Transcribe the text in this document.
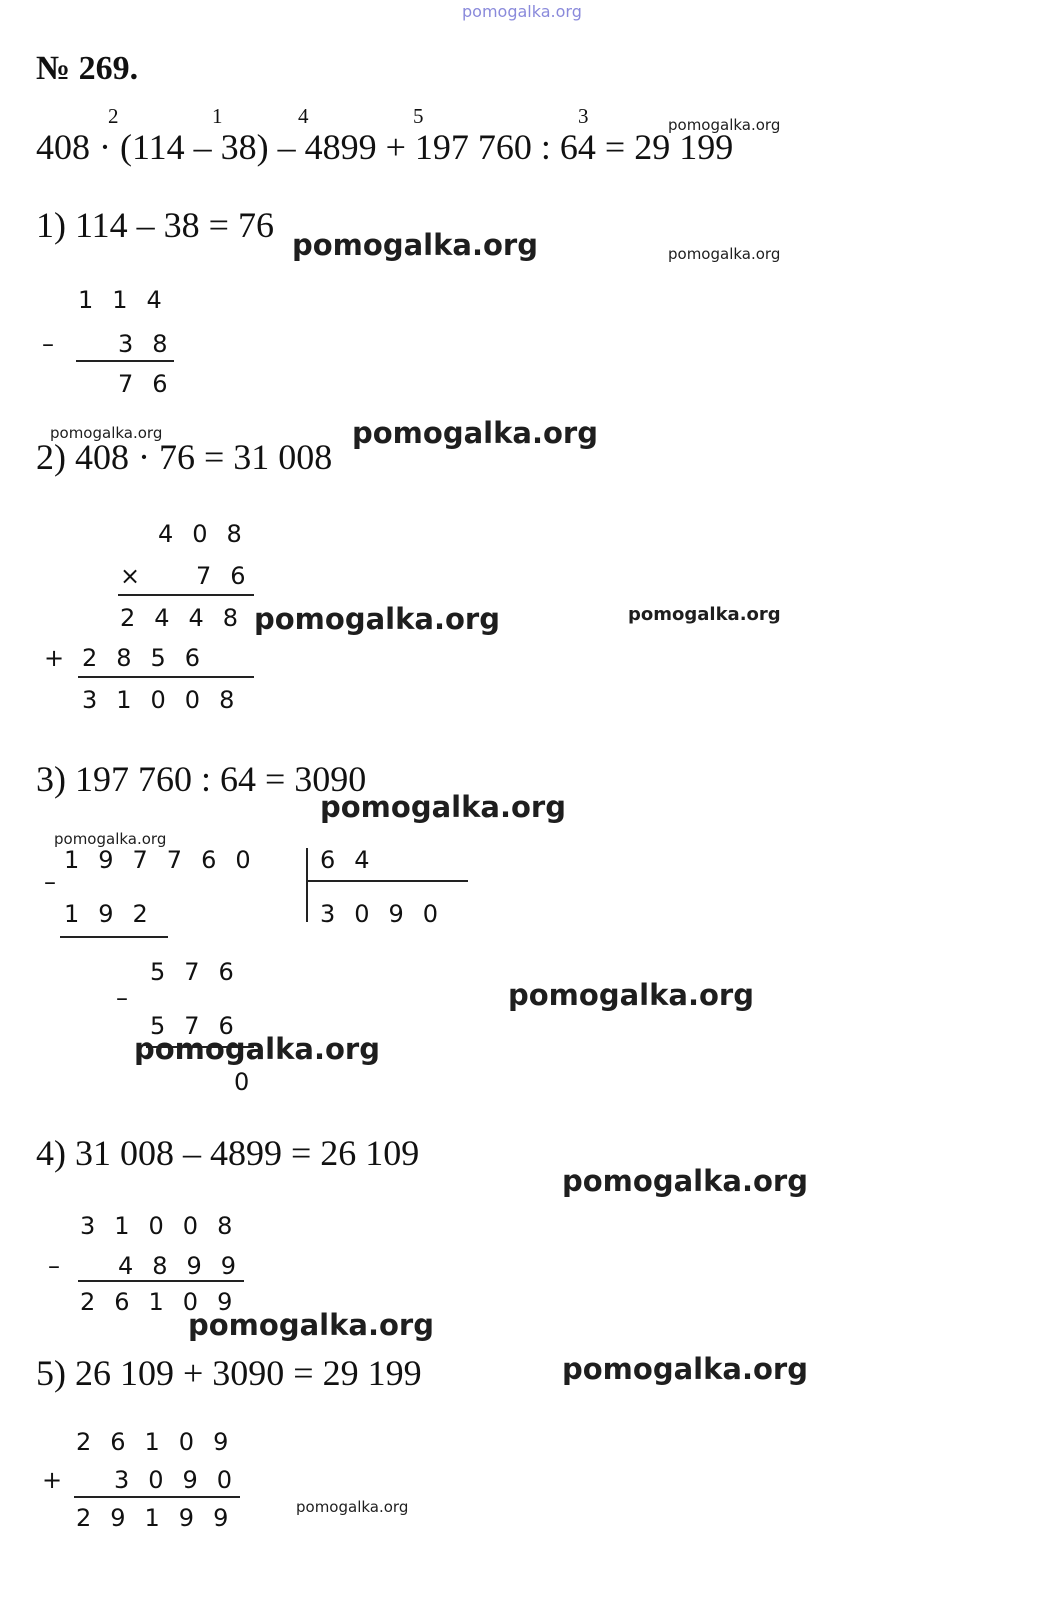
pomogalka.org
№ 269.
2	1	4	5	3
408 · (114 – 38) – 4899 + 197 760 : 64 = 29 199
1) 114 – 38 = 76
–
114
38
76
2) 408 · 76 = 31 008
408
× 76
2448
+ 2856
31008
3) 197 760 : 64 = 3090
197760 64
3090
–
192
576
–
576
0
4) 31 008 – 4899 = 26 109
31008
– 4899
26109
5) 26 109 + 3090 = 29 199
26109
+ 3090
29199
pomogalka.org
pomogalka.org	pomogalka.org
pomogalka.org	pomogalka.org
pomogalka.org	pomogalka.org
pomogalka.org
pomogalka.org
pomogalka.org
pomogalka.org
pomogalka.org
pomogalka.org
pomogalka.org
pomogalka.org
